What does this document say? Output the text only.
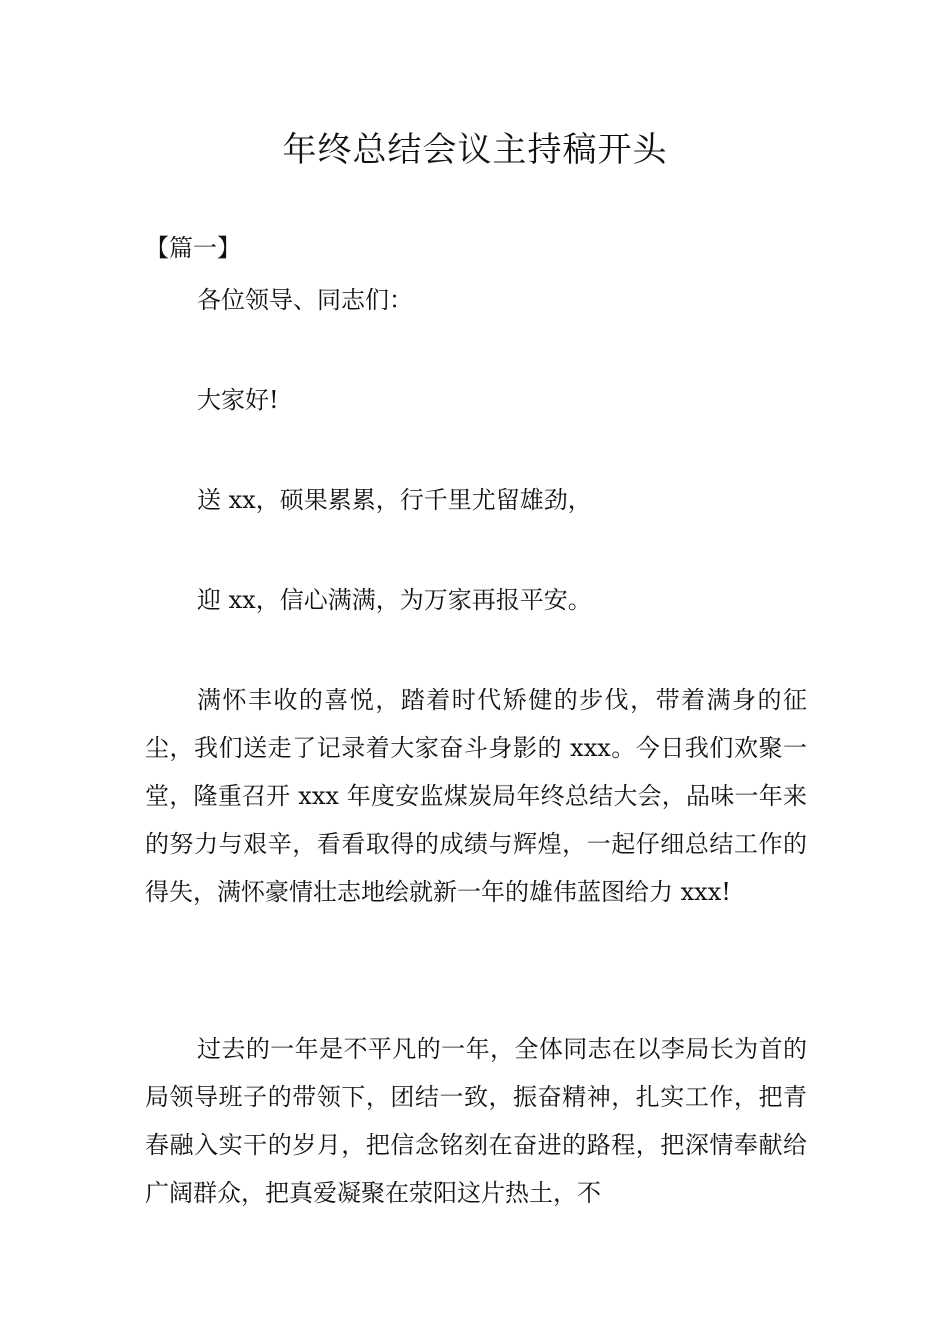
年终总结会议主持稿开头

【篇一】

各位领导、同志们：

大家好!

送 xx，硕果累累，行千里尤留雄劲，

迎 xx，信心满满，为万家再报平安。

满怀丰收的喜悦，踏着时代矫健的步伐，带着满身的征尘，我们送走了记录着大家奋斗身影的 xxx。今日我们欢聚一堂，隆重召开 xxx 年度安监煤炭局年终总结大会，品味一年来的努力与艰辛，看看取得的成绩与辉煌，一起仔细总结工作的得失，满怀豪情壮志地绘就新一年的雄伟蓝图给力 xxx!

过去的一年是不平凡的一年，全体同志在以李局长为首的局领导班子的带领下，团结一致，振奋精神，扎实工作，把青春融入实干的岁月，把信念铭刻在奋进的路程，把深情奉献给广阔群众，把真爱凝聚在荥阳这片热土，不
